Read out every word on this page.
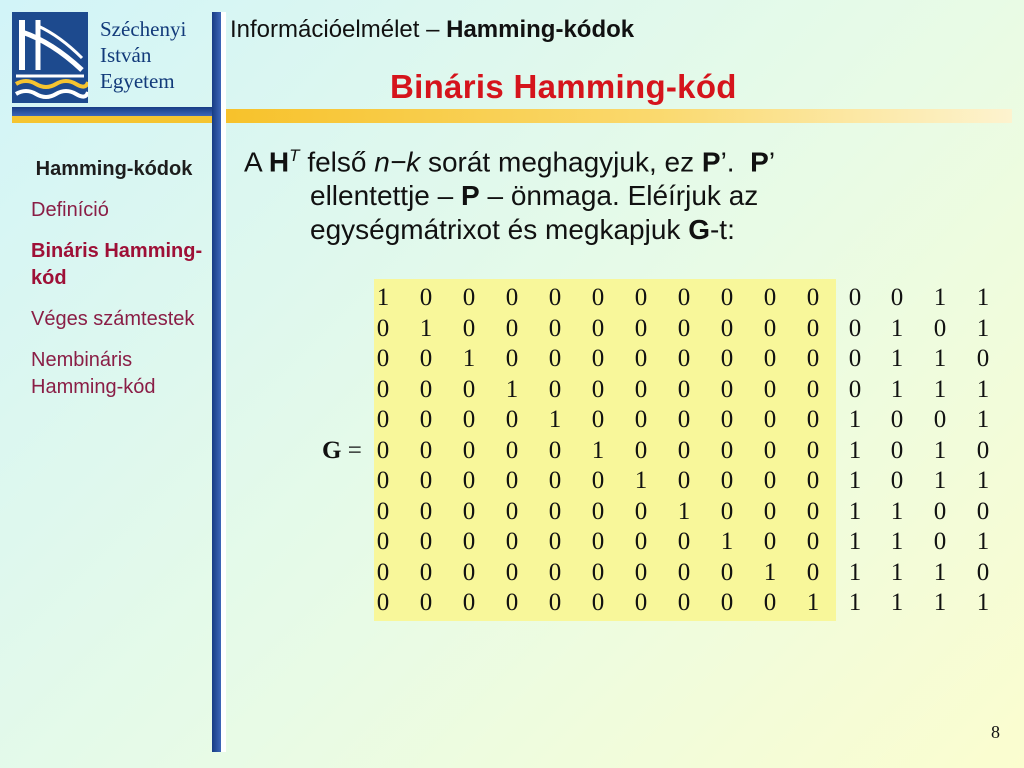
Széchenyi
István
Egyetem
Információelmélet – Hamming-kódok
Bináris Hamming-kód
Hamming-kódok
Definíció
Bináris Hamming-kód
Véges számtestek
Nembináris Hamming-kód
A $H^T$ felső n−k sorát meghagyjuk, ez P’.  P’
ellentettje – P – önmaga. Eléírjuk az
egységmátrixot és megkapjuk G-t:
G =
1	0	0	0	0	0	0	0	0	0	0	0	0	1	1
0	1	0	0	0	0	0	0	0	0	0	0	1	0	1
0	0	1	0	0	0	0	0	0	0	0	0	1	1	0
0	0	0	1	0	0	0	0	0	0	0	0	1	1	1
0	0	0	0	1	0	0	0	0	0	0	1	0	0	1
0	0	0	0	0	1	0	0	0	0	0	1	0	1	0
0	0	0	0	0	0	1	0	0	0	0	1	0	1	1
0	0	0	0	0	0	0	1	0	0	0	1	1	0	0
0	0	0	0	0	0	0	0	1	0	0	1	1	0	1
0	0	0	0	0	0	0	0	0	1	0	1	1	1	0
0	0	0	0	0	0	0	0	0	0	1	1	1	1	1
8
